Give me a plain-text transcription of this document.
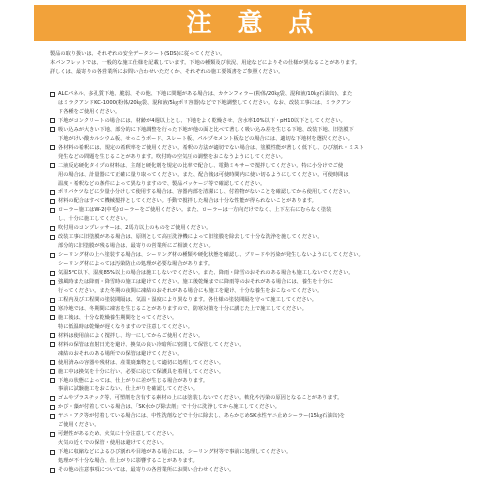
注意点

製品の取り扱いは、それぞれの安全データシート(SDS)に従ってください。

本パンフレットでは、一般的な施工仕様を記載しています。下地の種類及び状況、用途などによりその仕様が異なることがあります。

詳しくは、最寄りの各営業所にお問い合わせいただくか、それぞれの施工要領書をご参照ください。

ALCパネル、多孔質下地、脆弱、その他、下地に問題がある場合は、カケンフィラー(粉体/20㎏袋、混和液/10㎏石油缶)、また

はミラクアンドKC-1000(粉体/20㎏袋、混和液/5㎏ポリ容器)などで下地調整してください。なお、改装工事には、ミラクアン

ド各種をご使用ください。

下地がコンクリートの場合には、材齢が4週以上とし、下地をよく乾燥させ、含水率10%以下・pH10以下としてください。

吸い込みが大きい下地、部分的に下地調整を行った下地が他の面と比べて著しく吸い込み差を生じる下地、改装下地、旧塗膜下

下地がけい酸カルシウム板、せっこうボード、スレート板、パルプセメント板などの場合には、適切な下地材を選択ください。

各材料の希釈には、規定の希釈率をご使用ください。希釈の方法が適切でない場合は、塗膜性能が著しく低下し、ひび割れ・ミスト

発生などの問題を生じることがあります。吹付時の空気圧の調整をおこなうようにしてください。

二液反応硬化タイプの材料は、主剤と硬化剤を規定の比率で配合し、電動ミキサーで撹拌してください。特に小分けでご使

用の場合は、計量器にて正確に量り取ってください。また、配合後は可使時間内に使い切るようにしてください。可使時間は

温度・希釈などの条件によって異なりますので、製品パッケージ等で確認してください。

ポリバケツなどに少量小分けして使用する場合は、容器内部を清潔にし、付着物がないことを確認してから使用してください。

材料の配合はすべて機械撹拌としてください。手動で撹拌した場合は十分な性能が得られないことがあります。

ローラー施工はW-2(中毛)ローラーをご使用ください。また、ローラーは一方向だけでなく、上下左右にむらなく塗装

し、十分に施工してください。

吹付用のコンプレッサーは、2馬力以上のものをご使用ください。

改装工事に旧塗膜がある場合は、原則として高圧洗浄機によって旧塗膜を除去して十分な洗浄を施してください。

部分的に旧塗膜が残る場合は、最寄りの営業所にご相談ください。

シーリング材の上へ塗装する場合は、シーリング材の種類や硬化状態を確認し、ブリードや汚染が発生しないようにしてください。

シーリング材によっては汚染防止の処理が必要な場合があります。

気温5℃以下、湿度85%以上の場合は施工しないでください。また、降雨・降雪のおそれのある場合も施工しないでください。

強風時または降雨・降雪時の施工は避けてください。施工後乾燥までに降雨等のおそれがある場合には、養生を十分に

行ってください。また冬期の夜間に凍結のおそれがある場合にも施工を避け、十分な養生をおこなってください。

工程内及び工程間の塗装間隔は、気温・湿度により異なります。各仕様の塗装間隔を守って施工してください。

寒冷地では、冬期間に凍害を生じることがありますので、防寒対策を十分に講じた上で施工してください。

施工後は、十分な乾燥養生期間をとってください。

特に低温時は乾燥が遅くなりますので注意してください。

材料は使用前によく撹拌し、均一にしてからご使用ください。

材料の保管は直射日光を避け、換気の良い冷暗所に密閉して保管してください。

凍結のおそれのある場所での保管は避けてください。

使用済みの容器や残材は、産業廃棄物として適切に処理してください。

施工中は換気を十分に行い、必要に応じて保護具を着用してください。

下地の状態によっては、仕上がりに差が生じる場合があります。

事前に試験施工をおこない、仕上がりを確認してください。

ゴムやプラスチック等、可塑剤を含有する素材の上には塗装しないでください。軟化や汚染の原因となることがあります。

かび・藻が付着している場合は、「SK水かび除去剤」で十分に洗浄してから施工してください。

ヤニ・アク等が付着している場合には、中性洗剤などで十分に除去し、あらかじめSK水性ヤニ止めシーラー(15㎏石油缶)を

ご使用ください。

可燃性があるため、火気に十分注意してください。

火気の近くでの保管・使用は避けてください。

下地に収縮などによるひび割れや目地がある場合には、シーリング材等で事前に処理してください。

処理が不十分な場合、仕上がりに影響することがあります。

その他の注意事項については、最寄りの各営業所にお問い合わせください。
